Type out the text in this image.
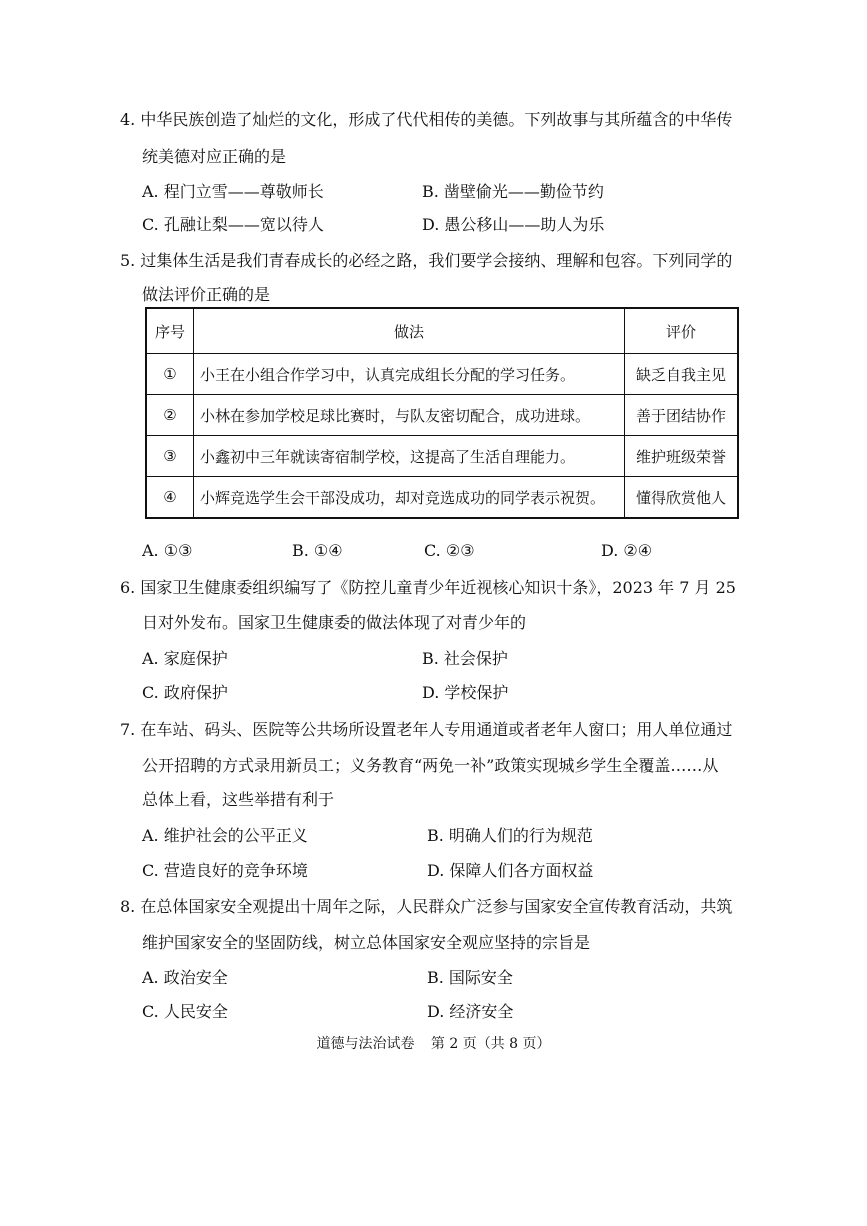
4. 中华民族创造了灿烂的文化，形成了代代相传的美德。下列故事与其所蕴含的中华传
统美德对应正确的是
A. 程门立雪——尊敬师长	B. 凿壁偷光——勤俭节约
C. 孔融让梨——宽以待人	D. 愚公移山——助人为乐
5. 过集体生活是我们青春成长的必经之路，我们要学会接纳、理解和包容。下列同学的
做法评价正确的是
序号	做法	评价
①	小王在小组合作学习中，认真完成组长分配的学习任务。	缺乏自我主见
②	小林在参加学校足球比赛时，与队友密切配合，成功进球。	善于团结协作
③	小鑫初中三年就读寄宿制学校，这提高了生活自理能力。	维护班级荣誉
④	小辉竞选学生会干部没成功，却对竞选成功的同学表示祝贺。	懂得欣赏他人
A. ①③	B. ①④	C. ②③	D. ②④
6. 国家卫生健康委组织编写了《防控儿童青少年近视核心知识十条》，2023 年 7 月 25
日对外发布。国家卫生健康委的做法体现了对青少年的
A. 家庭保护	B. 社会保护
C. 政府保护	D. 学校保护
7. 在车站、码头、医院等公共场所设置老年人专用通道或者老年人窗口；用人单位通过
公开招聘的方式录用新员工；义务教育“两免一补”政策实现城乡学生全覆盖……从
总体上看，这些举措有利于
A. 维护社会的公平正义	B. 明确人们的行为规范
C. 营造良好的竞争环境	D. 保障人们各方面权益
8. 在总体国家安全观提出十周年之际，人民群众广泛参与国家安全宣传教育活动，共筑
维护国家安全的坚固防线，树立总体国家安全观应坚持的宗旨是
A. 政治安全	B. 国际安全
C. 人民安全	D. 经济安全
道德与法治试卷 第 2 页（共 8 页）
